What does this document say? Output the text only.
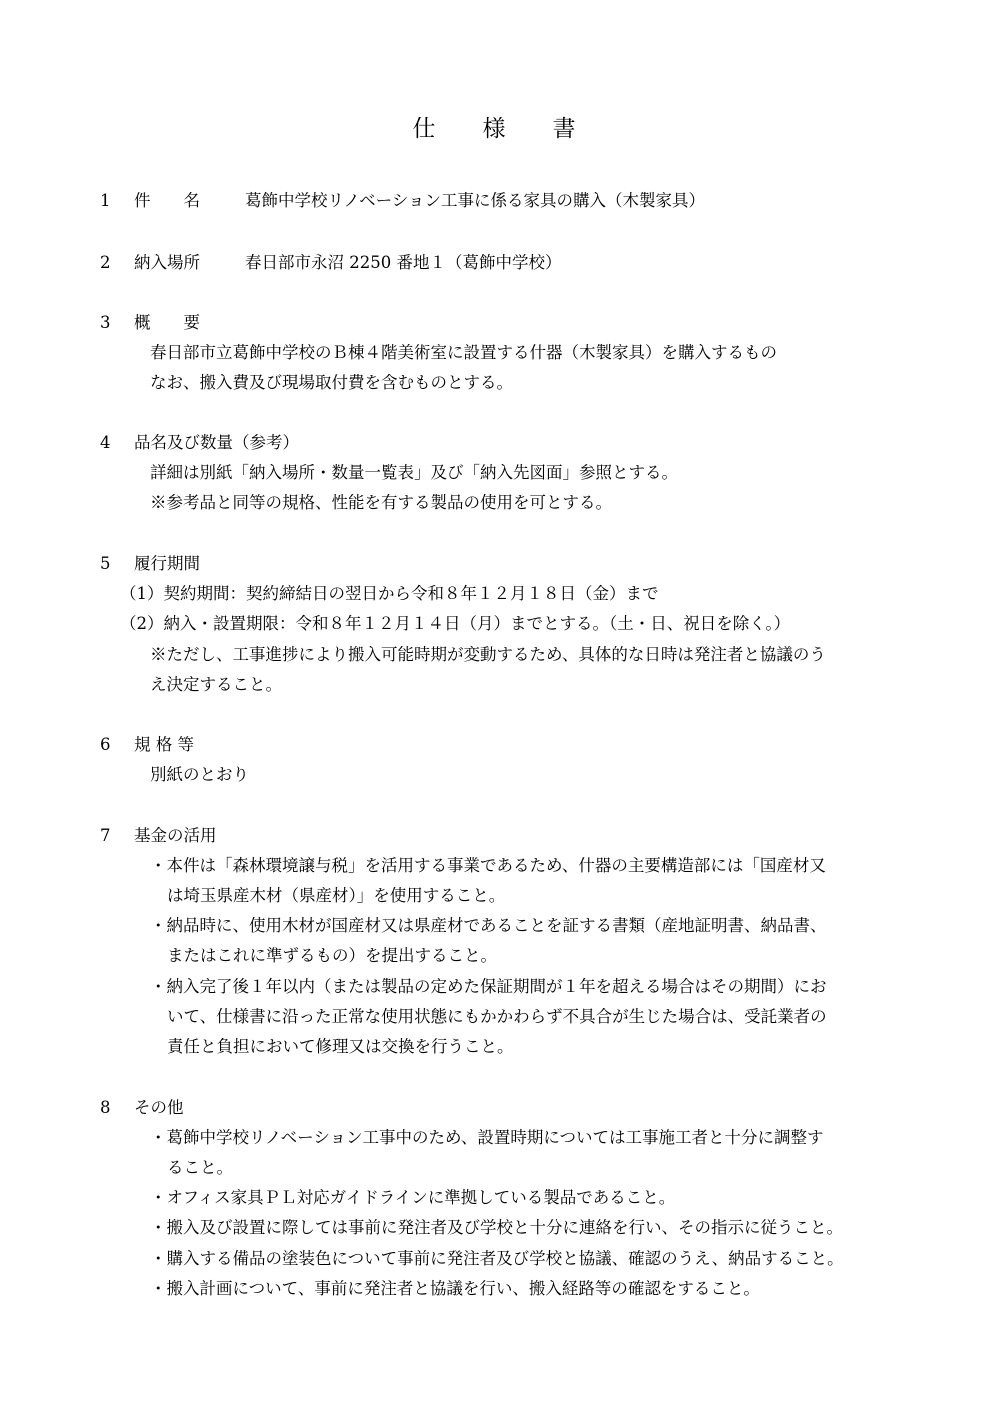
仕　様　書
1	件　　名	葛飾中学校リノベーション工事に係る家具の購入（木製家具）
2	納入場所	春日部市永沼 2250 番地１（葛飾中学校）
3	概　　要
春日部市立葛飾中学校のＢ棟４階美術室に設置する什器（木製家具）を購入するもの
なお、搬入費及び現場取付費を含むものとする。
4	品名及び数量（参考）
詳細は別紙「納入場所・数量一覧表」及び「納入先図面」参照とする。
※参考品と同等の規格、性能を有する製品の使用を可とする。
5	履行期間
（1）契約期間：契約締結日の翌日から令和８年１２月１８日（金）まで
（2）納入・設置期限：令和８年１２月１４日（月）までとする。（土・日、祝日を除く。）
※ただし、工事進捗により搬入可能時期が変動するため、具体的な日時は発注者と協議のう
え決定すること。
6	規 格 等
別紙のとおり
7	基金の活用
・本件は「森林環境譲与税」を活用する事業であるため、什器の主要構造部には「国産材又
は埼玉県産木材（県産材）」を使用すること。
・納品時に、使用木材が国産材又は県産材であることを証する書類（産地証明書、納品書、
またはこれに準ずるもの）を提出すること。
・納入完了後１年以内（または製品の定めた保証期間が１年を超える場合はその期間）にお
いて、仕様書に沿った正常な使用状態にもかかわらず不具合が生じた場合は、受託業者の
責任と負担において修理又は交換を行うこと。
8	その他
・葛飾中学校リノベーション工事中のため、設置時期については工事施工者と十分に調整す
ること。
・オフィス家具ＰＬ対応ガイドラインに準拠している製品であること。
・搬入及び設置に際しては事前に発注者及び学校と十分に連絡を行い、その指示に従うこと。
・購入する備品の塗装色について事前に発注者及び学校と協議、確認のうえ、納品すること。
・搬入計画について、事前に発注者と協議を行い、搬入経路等の確認をすること。
